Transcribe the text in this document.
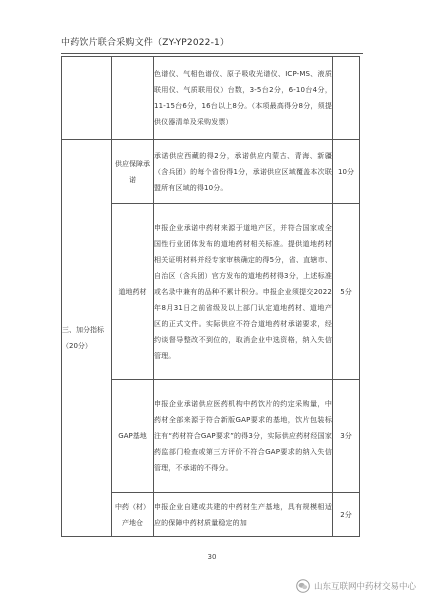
中药饮片联合采购文件（ZY-YP2022-1）
		色谱仪、气相色谱仪、原子吸收光谱仪、ICP-MS、液质联用仪、气质联用仪）台数，3-5台2分，6-10台4分，11-15台6分，16台以上8分。（本项最高得分8分，须提供仪器清单及采购发票）	
三、加分指标（20分）	供应保障承诺	承诺供应西藏的得2分，承诺供应内蒙古、青海、新疆（含兵团）的每个省份得1分，承诺供应区域覆盖本次联盟所有区域的得10分。	10分
	道地药材	申报企业承诺中药材来源于道地产区，并符合国家或全国性行业团体发布的道地药材相关标准。提供道地药材相关证明材料并经专家审核确定的得5分，省、直辖市、自治区（含兵团）官方发布的道地药材得3分，上述标准或名录中兼有的品种不累计积分。申报企业须提交2022年8月31日之前省级及以上部门认定道地药材、道地产区的正式文件。实际供应不符合道地药材承诺要求，经约谈督导整改不到位的，取消企业中选资格，纳入失信管理。	5分
	GAP基地	申报企业承诺供应医药机构中药饮片的约定采购量，中药材全部来源于符合新版GAP要求的基地，饮片包装标注有“药材符合GAP要求”的得3分，实际供应药材经国家药监部门检查或第三方评价不符合GAP要求的纳入失信管理，不承诺的不得分。	3分
	中药（材）产地仓	申报企业自建或共建的中药材生产基地，具有规模相适应的保障中药材质量稳定的加	2分
30
山东互联网中药材交易中心
